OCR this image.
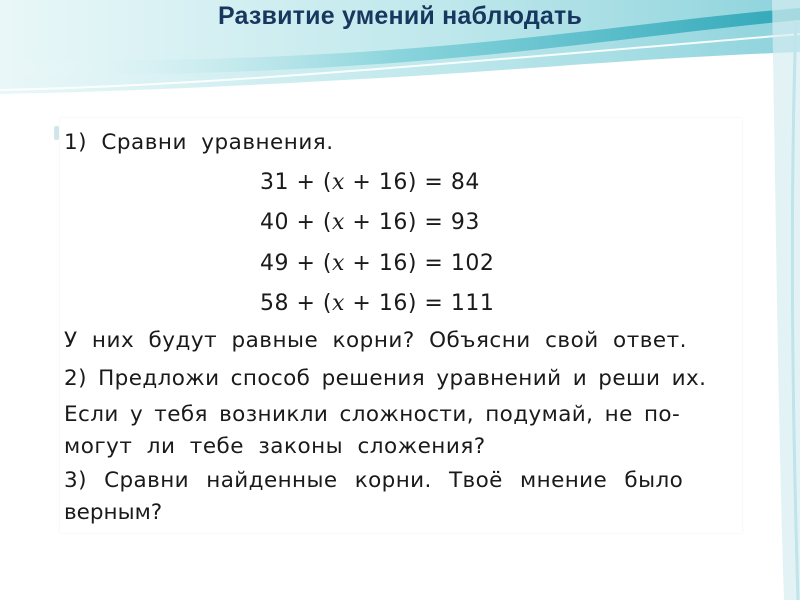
Развитие умений наблюдать
1) Сравни уравнения.
31 + (x + 16) = 84
40 + (x + 16) = 93
49 + (x + 16) = 102
58 + (x + 16) = 111
У них будут равные корни? Объясни свой ответ.
2) Предложи способ решения уравнений и реши их.
Если у тебя возникли сложности, подумай, не по-
могут ли тебе законы сложения?
3) Сравни найденные корни. Твоё мнение было
верным?
